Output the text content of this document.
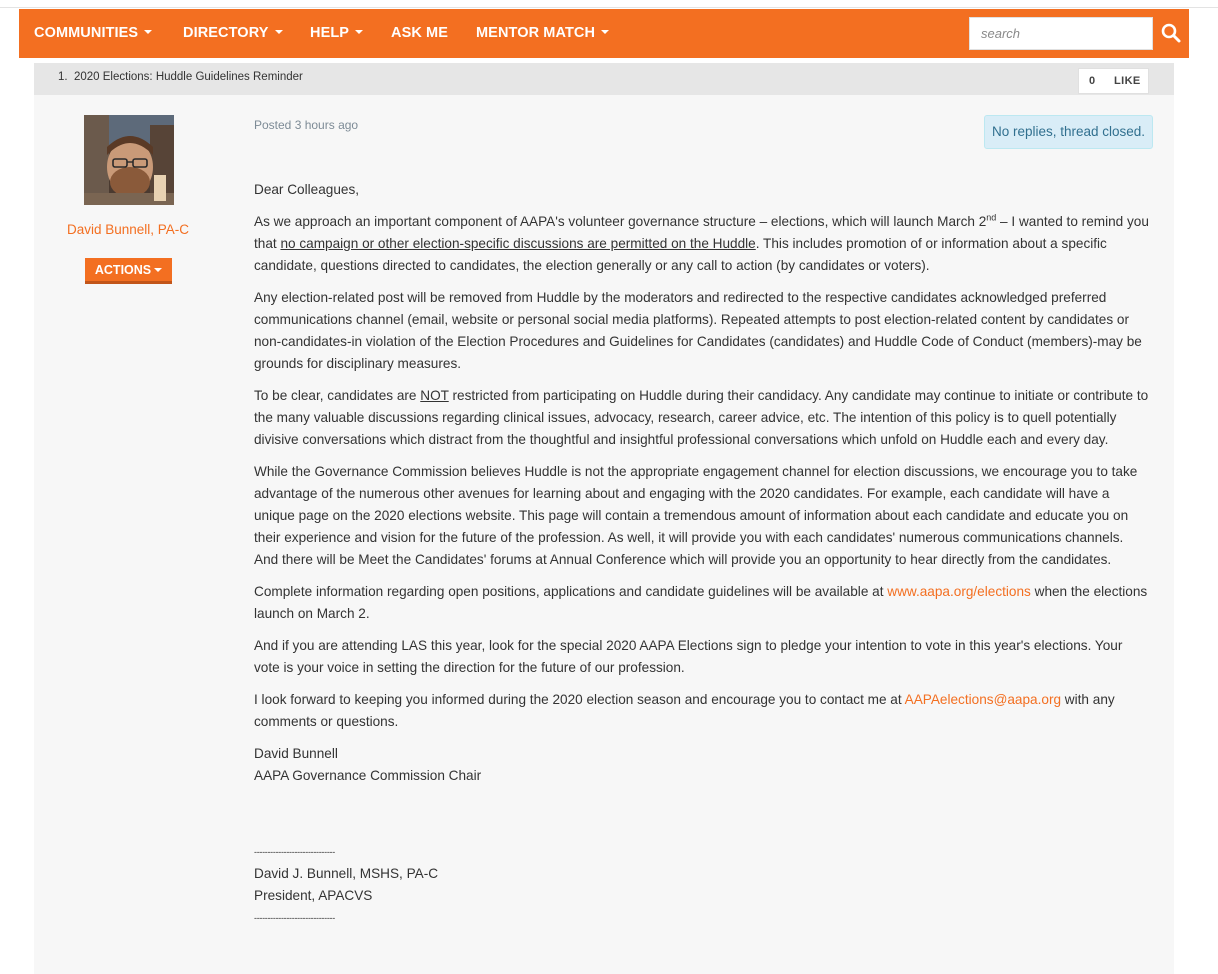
COMMUNITIES	DIRECTORY	HELP	ASK ME MENTOR MATCH
search
1. 2020 Elections: Huddle Guidelines Reminder	0 LIKE
David Bunnell, PA-C
ACTIONS
Posted 3 hours ago	No replies, thread closed.

Dear Colleagues,

As we approach an important component of AAPA's volunteer governance structure – elections, which will launch March 2nd – I wanted to remind you that no campaign or other election-specific discussions are permitted on the Huddle. This includes promotion of or information about a specific candidate, questions directed to candidates, the election generally or any call to action (by candidates or voters).

Any election-related post will be removed from Huddle by the moderators and redirected to the respective candidates acknowledged preferred communications channel (email, website or personal social media platforms). Repeated attempts to post election-related content by candidates or non-candidates-in violation of the Election Procedures and Guidelines for Candidates (candidates) and Huddle Code of Conduct (members)-may be grounds for disciplinary measures.

To be clear, candidates are NOT restricted from participating on Huddle during their candidacy. Any candidate may continue to initiate or contribute to the many valuable discussions regarding clinical issues, advocacy, research, career advice, etc. The intention of this policy is to quell potentially divisive conversations which distract from the thoughtful and insightful professional conversations which unfold on Huddle each and every day.

While the Governance Commission believes Huddle is not the appropriate engagement channel for election discussions, we encourage you to take advantage of the numerous other avenues for learning about and engaging with the 2020 candidates. For example, each candidate will have a unique page on the 2020 elections website. This page will contain a tremendous amount of information about each candidate and educate you on their experience and vision for the future of the profession. As well, it will provide you with each candidates' numerous communications channels. And there will be Meet the Candidates' forums at Annual Conference which will provide you an opportunity to hear directly from the candidates.

Complete information regarding open positions, applications and candidate guidelines will be available at www.aapa.org/elections when the elections launch on March 2.

And if you are attending LAS this year, look for the special 2020 AAPA Elections sign to pledge your intention to vote in this year's elections. Your vote is your voice in setting the direction for the future of our profession.

I look forward to keeping you informed during the 2020 election season and encourage you to contact me at AAPAelections@aapa.org with any comments or questions.

David Bunnell
AAPA Governance Commission Chair

------------------------------
David J. Bunnell, MSHS, PA-C
President, APACVS
------------------------------
